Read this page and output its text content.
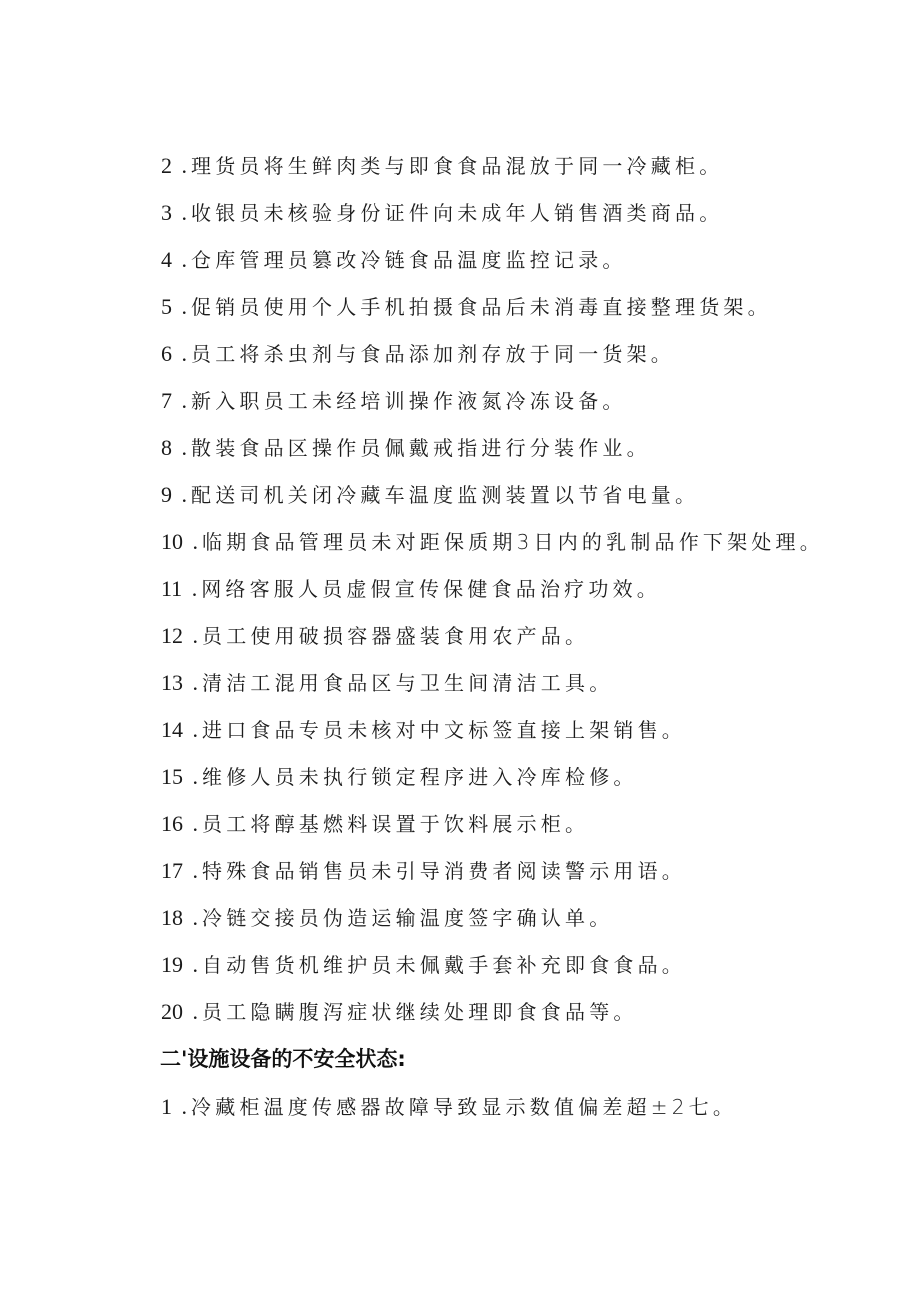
2 . 理货员将生鲜肉类与即食食品混放于同一冷藏柜。
3 . 收银员未核验身份证件向未成年人销售酒类商品。
4 . 仓库管理员篡改冷链食品温度监控记录。
5 . 促销员使用个人手机拍摄食品后未消毒直接整理货架。
6 . 员工将杀虫剂与食品添加剂存放于同一货架。
7 . 新入职员工未经培训操作液氮冷冻设备。
8 . 散装食品区操作员佩戴戒指进行分装作业。
9 . 配送司机关闭冷藏车温度监测装置以节省电量。
10 . 临期食品管理员未对距保质期3日内的乳制品作下架处理。
11 . 网络客服人员虚假宣传保健食品治疗功效。
12 . 员工使用破损容器盛装食用农产品。
13 . 清洁工混用食品区与卫生间清洁工具。
14 . 进口食品专员未核对中文标签直接上架销售。
15 . 维修人员未执行锁定程序进入冷库检修。
16 . 员工将醇基燃料误置于饮料展示柜。
17 . 特殊食品销售员未引导消费者阅读警示用语。
18 . 冷链交接员伪造运输温度签字确认单。
19 . 自动售货机维护员未佩戴手套补充即食食品。
20 . 员工隐瞒腹泻症状继续处理即食食品等。
二'设施设备的不安全状态:
1 . 冷藏柜温度传感器故障导致显示数值偏差超±2七。
